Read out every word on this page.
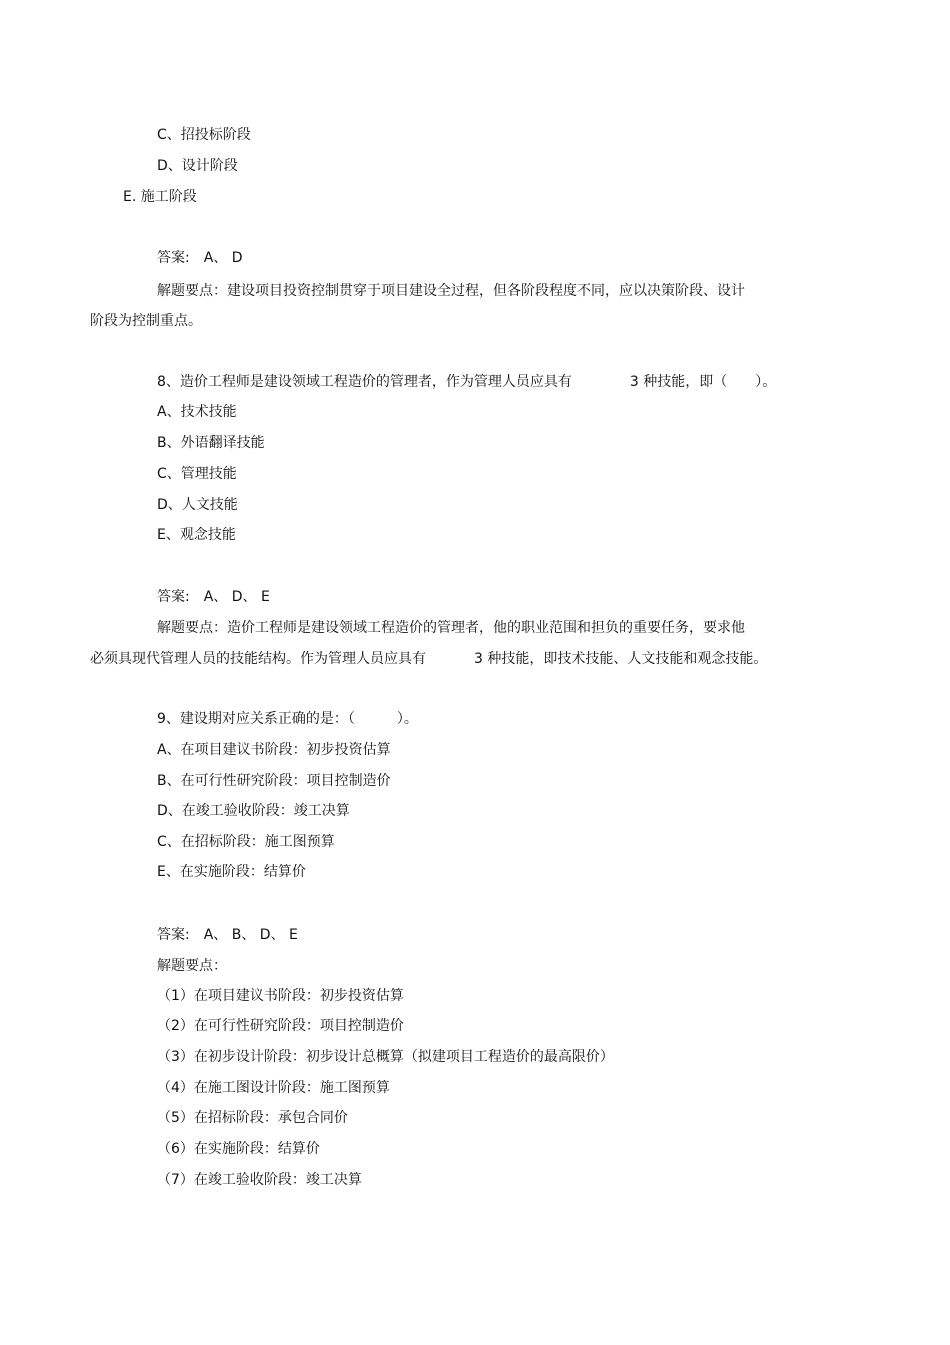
C、招投标阶段
D、设计阶段
E. 施工阶段
答案:　A、 D
解题要点：建设项目投资控制贯穿于项目建设全过程，但各阶段程度不同，应以决策阶段、设计
阶段为控制重点。
8、造价工程师是建设领域工程造价的管理者，作为管理人员应具有	3 种技能，即（　　）。
A、技术技能
B、外语翻译技能
C、管理技能
D、人文技能
E、观念技能
答案:　A、 D、 E
解题要点：造价工程师是建设领域工程造价的管理者，他的职业范围和担负的重要任务，要求他
必须具现代管理人员的技能结构。作为管理人员应具有	3 种技能，即技术技能、人文技能和观念技能。
9、建设期对应关系正确的是：（　　　）。
A、在项目建议书阶段：初步投资估算
B、在可行性研究阶段：项目控制造价
D、在竣工验收阶段：竣工决算
C、在招标阶段：施工图预算
E、在实施阶段：结算价
答案:　A、 B、 D、 E
解题要点：
（1）在项目建议书阶段：初步投资估算
（2）在可行性研究阶段：项目控制造价
（3）在初步设计阶段：初步设计总概算（拟建项目工程造价的最高限价）
（4）在施工图设计阶段：施工图预算
（5）在招标阶段：承包合同价
（6）在实施阶段：结算价
（7）在竣工验收阶段：竣工决算
